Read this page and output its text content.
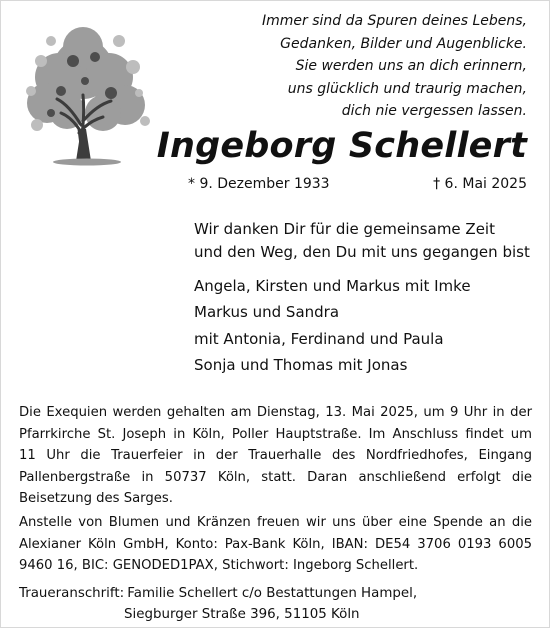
Immer sind da Spuren deines Lebens,
Gedanken, Bilder und Augenblicke.
Sie werden uns an dich erinnern,
uns glücklich und traurig machen,
dich nie vergessen lassen.
Ingeborg Schellert
* 9. Dezember 1933	† 6. Mai 2025
Wir danken Dir für die gemeinsame Zeit
und den Weg, den Du mit uns gegangen bist
Angela, Kirsten und Markus mit Imke
Markus und Sandra
mit Antonia, Ferdinand und Paula
Sonja und Thomas mit Jonas
Die Exequien werden gehalten am Dienstag, 13. Mai 2025, um 9 Uhr in der
Pfarrkirche St. Joseph in Köln, Poller Hauptstraße. Im Anschluss findet um
11 Uhr die Trauerfeier in der Trauerhalle des Nordfriedhofes, Eingang
Pallenbergstraße in 50737 Köln, statt. Daran anschließend erfolgt die
Beisetzung des Sarges.
Anstelle von Blumen und Kränzen freuen wir uns über eine Spende an die
Alexianer Köln GmbH, Konto: Pax-Bank Köln, IBAN: DE54 3706 0193 6005
9460 16, BIC: GENODED1PAX, Stichwort: Ingeborg Schellert.
Traueranschrift: Familie Schellert c/o Bestattungen Hampel,
Siegburger Straße 396, 51105 Köln
